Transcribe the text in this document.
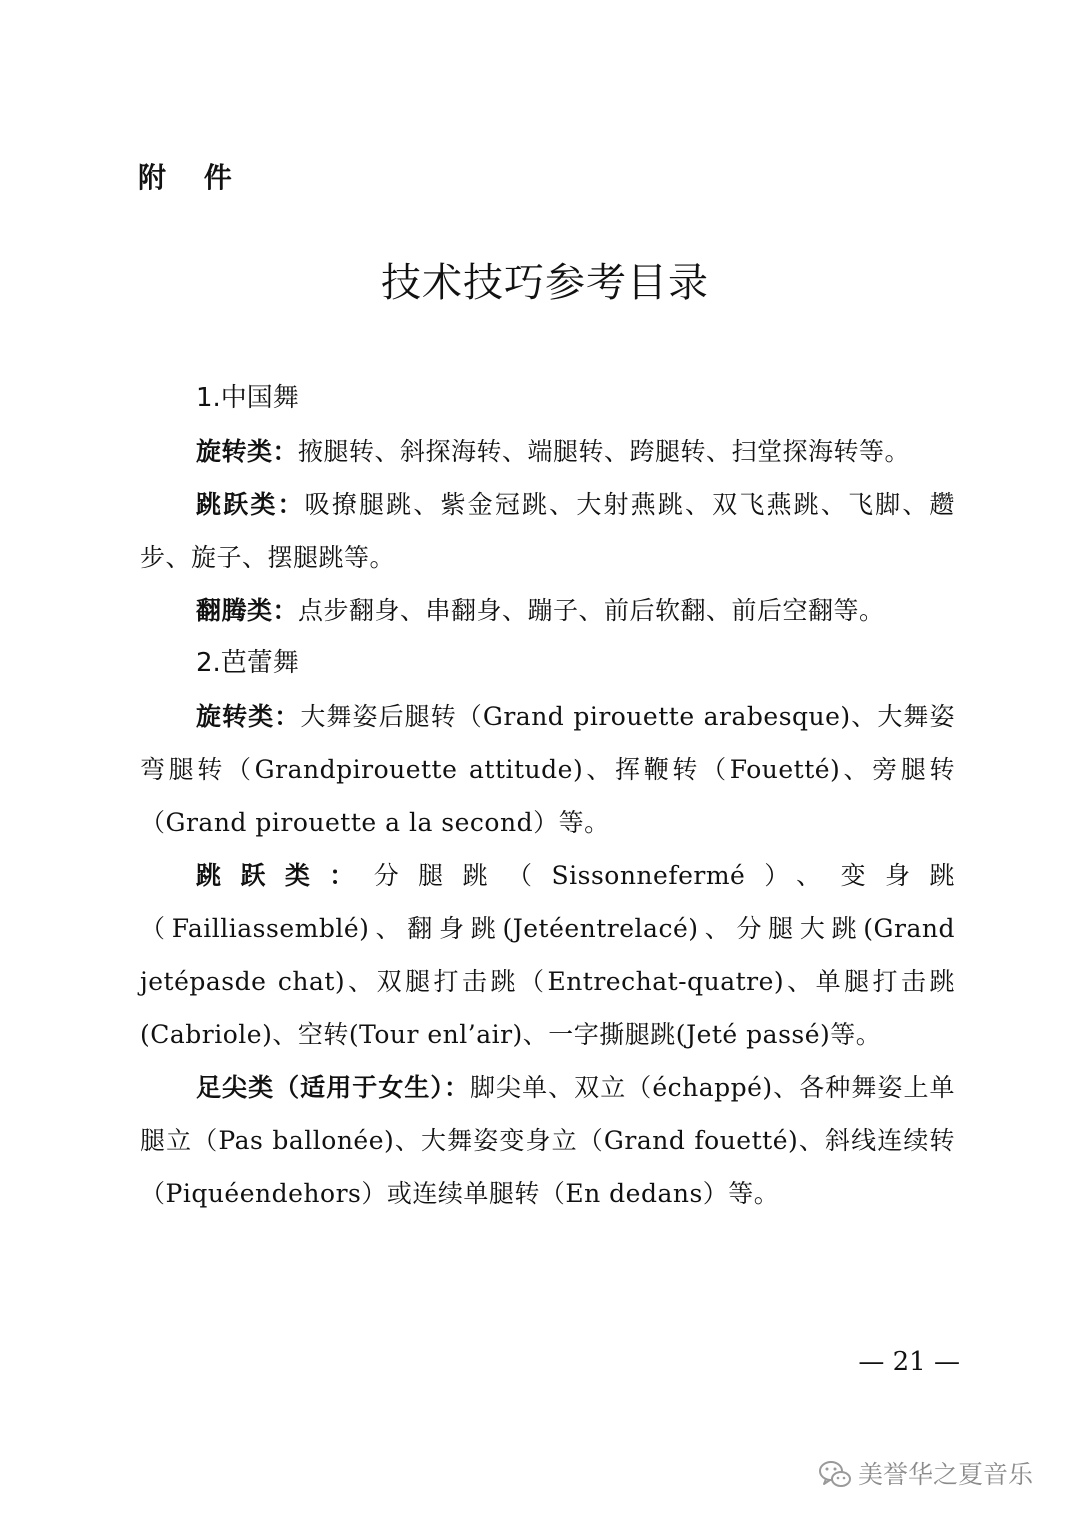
附 件
技术技巧参考目录
1.中国舞

旋转类：掖腿转、斜探海转、端腿转、跨腿转、扫堂探海转等。

跳跃类：吸撩腿跳、紫金冠跳、大射燕跳、双飞燕跳、飞脚、趱步、旋子、摆腿跳等。

翻腾类：点步翻身、串翻身、蹦子、前后软翻、前后空翻等。

2.芭蕾舞

旋转类：大舞姿后腿转（Grand pirouette arabesque)、大舞姿弯腿转（Grandpirouette attitude)、挥鞭转（Fouetté)、旁腿转（Grand pirouette a la second）等。

跳跃类：分腿跳（Sissonnefermé）、变身跳（Failliassemblé)、翻身跳(Jetéentrelacé)、分腿大跳(Grand jetépasde chat)、双腿打击跳（Entrechat-quatre)、单腿打击跳(Cabriole)、空转(Tour enl’air)、一字撕腿跳(Jeté passé)等。

足尖类（适用于女生）：脚尖单、双立（échappé)、各种舞姿上单腿立（Pas ballonée)、大舞姿变身立（Grand fouetté)、斜线连续转（Piquéendehors）或连续单腿转（En dedans）等。

— 21 —
美誉华之夏音乐
